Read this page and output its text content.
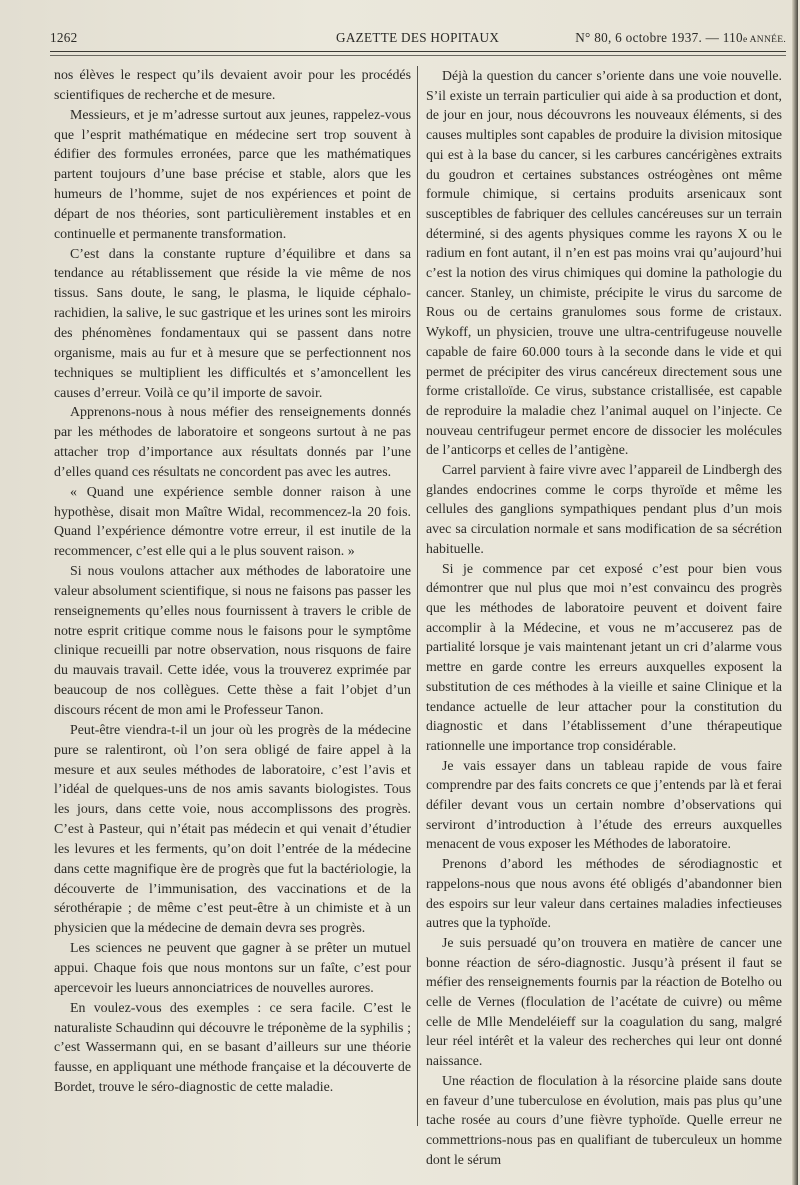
1262	GAZETTE DES HOPITAUX	N° 80, 6 octobre 1937. — 110e ANNÉE.

nos élèves le respect qu’ils devaient avoir pour les procédés scientifiques de recherche et de mesure.

Messieurs, et je m’adresse surtout aux jeunes, rappelez-vous que l’esprit mathématique en médecine sert trop souvent à édifier des formules erronées, parce que les mathématiques partent toujours d’une base précise et stable, alors que les humeurs de l’homme, sujet de nos expériences et point de départ de nos théories, sont particulièrement instables et en continuelle et permanente transformation.

C’est dans la constante rupture d’équilibre et dans sa tendance au rétablissement que réside la vie même de nos tissus. Sans doute, le sang, le plasma, le liquide céphalo-rachidien, la salive, le suc gastrique et les urines sont les miroirs des phénomènes fondamentaux qui se passent dans notre organisme, mais au fur et à mesure que se perfectionnent nos techniques se multiplient les difficultés et s’amoncellent les causes d’erreur. Voilà ce qu’il importe de savoir.

Apprenons-nous à nous méfier des renseignements donnés par les méthodes de laboratoire et songeons surtout à ne pas attacher trop d’importance aux résultats donnés par l’une d’elles quand ces résultats ne concordent pas avec les autres.

« Quand une expérience semble donner raison à une hypothèse, disait mon Maître Widal, recommencez-la 20 fois. Quand l’expérience démontre votre erreur, il est inutile de la recommencer, c’est elle qui a le plus souvent raison. »

Si nous voulons attacher aux méthodes de laboratoire une valeur absolument scientifique, si nous ne faisons pas passer les renseignements qu’elles nous fournissent à travers le crible de notre esprit critique comme nous le faisons pour le symptôme clinique recueilli par notre observation, nous risquons de faire du mauvais travail. Cette idée, vous la trouverez exprimée par beaucoup de nos collègues. Cette thèse a fait l’objet d’un discours récent de mon ami le Professeur Tanon.

Peut-être viendra-t-il un jour où les progrès de la médecine pure se ralentiront, où l’on sera obligé de faire appel à la mesure et aux seules méthodes de laboratoire, c’est l’avis et l’idéal de quelques-uns de nos amis savants biologistes. Tous les jours, dans cette voie, nous accomplissons des progrès. C’est à Pasteur, qui n’était pas médecin et qui venait d’étudier les levures et les ferments, qu’on doit l’entrée de la médecine dans cette magnifique ère de progrès que fut la bactériologie, la découverte de l’immunisation, des vaccinations et de la sérothérapie ; de même c’est peut-être à un chimiste et à un physicien que la médecine de demain devra ses progrès.

Les sciences ne peuvent que gagner à se prêter un mutuel appui. Chaque fois que nous montons sur un faîte, c’est pour apercevoir les lueurs annonciatrices de nouvelles aurores.

En voulez-vous des exemples : ce sera facile. C’est le naturaliste Schaudinn qui découvre le tréponème de la syphilis ; c’est Wassermann qui, en se basant d’ailleurs sur une théorie fausse, en appliquant une méthode française et la découverte de Bordet, trouve le séro-diagnostic de cette maladie.

Déjà la question du cancer s’oriente dans une voie nouvelle. S’il existe un terrain particulier qui aide à sa production et dont, de jour en jour, nous découvrons les nouveaux éléments, si des causes multiples sont capables de produire la division mitosique qui est à la base du cancer, si les carbures cancérigènes extraits du goudron et certaines substances ostréogènes ont même formule chimique, si certains produits arsenicaux sont susceptibles de fabriquer des cellules cancéreuses sur un terrain déterminé, si des agents physiques comme les rayons X ou le radium en font autant, il n’en est pas moins vrai qu’aujourd’hui c’est la notion des virus chimiques qui domine la pathologie du cancer. Stanley, un chimiste, précipite le virus du sarcome de Rous ou de certains granulomes sous forme de cristaux. Wykoff, un physicien, trouve une ultra-centrifugeuse nouvelle capable de faire 60.000 tours à la seconde dans le vide et qui permet de précipiter des virus cancéreux directement sous une forme cristalloïde. Ce virus, substance cristallisée, est capable de reproduire la maladie chez l’animal auquel on l’injecte. Ce nouveau centrifugeur permet encore de dissocier les molécules de l’anticorps et celles de l’antigène.

Carrel parvient à faire vivre avec l’appareil de Lindbergh des glandes endocrines comme le corps thyroïde et même les cellules des ganglions sympathiques pendant plus d’un mois avec sa circulation normale et sans modification de sa sécrétion habituelle.

Si je commence par cet exposé c’est pour bien vous démontrer que nul plus que moi n’est convaincu des progrès que les méthodes de laboratoire peuvent et doivent faire accomplir à la Médecine, et vous ne m’accuserez pas de partialité lorsque je vais maintenant jetant un cri d’alarme vous mettre en garde contre les erreurs auxquelles exposent la substitution de ces méthodes à la vieille et saine Clinique et la tendance actuelle de leur attacher pour la constitution du diagnostic et dans l’établissement d’une thérapeutique rationnelle une importance trop considérable.

Je vais essayer dans un tableau rapide de vous faire comprendre par des faits concrets ce que j’entends par là et ferai défiler devant vous un certain nombre d’observations qui serviront d’introduction à l’étude des erreurs auxquelles menacent de vous exposer les Méthodes de laboratoire.

Prenons d’abord les méthodes de sérodiagnostic et rappelons-nous que nous avons été obligés d’abandonner bien des espoirs sur leur valeur dans certaines maladies infectieuses autres que la typhoïde.

Je suis persuadé qu’on trouvera en matière de cancer une bonne réaction de séro-diagnostic. Jusqu’à présent il faut se méfier des renseignements fournis par la réaction de Botelho ou celle de Vernes (floculation de l’acétate de cuivre) ou même celle de Mlle Mendeléieff sur la coagulation du sang, malgré leur réel intérêt et la valeur des recherches qui leur ont donné naissance.

Une réaction de floculation à la résorcine plaide sans doute en faveur d’une tuberculose en évolution, mais pas plus qu’une tache rosée au cours d’une fièvre typhoïde. Quelle erreur ne commettrions-nous pas en qualifiant de tuberculeux un homme dont le sérum
